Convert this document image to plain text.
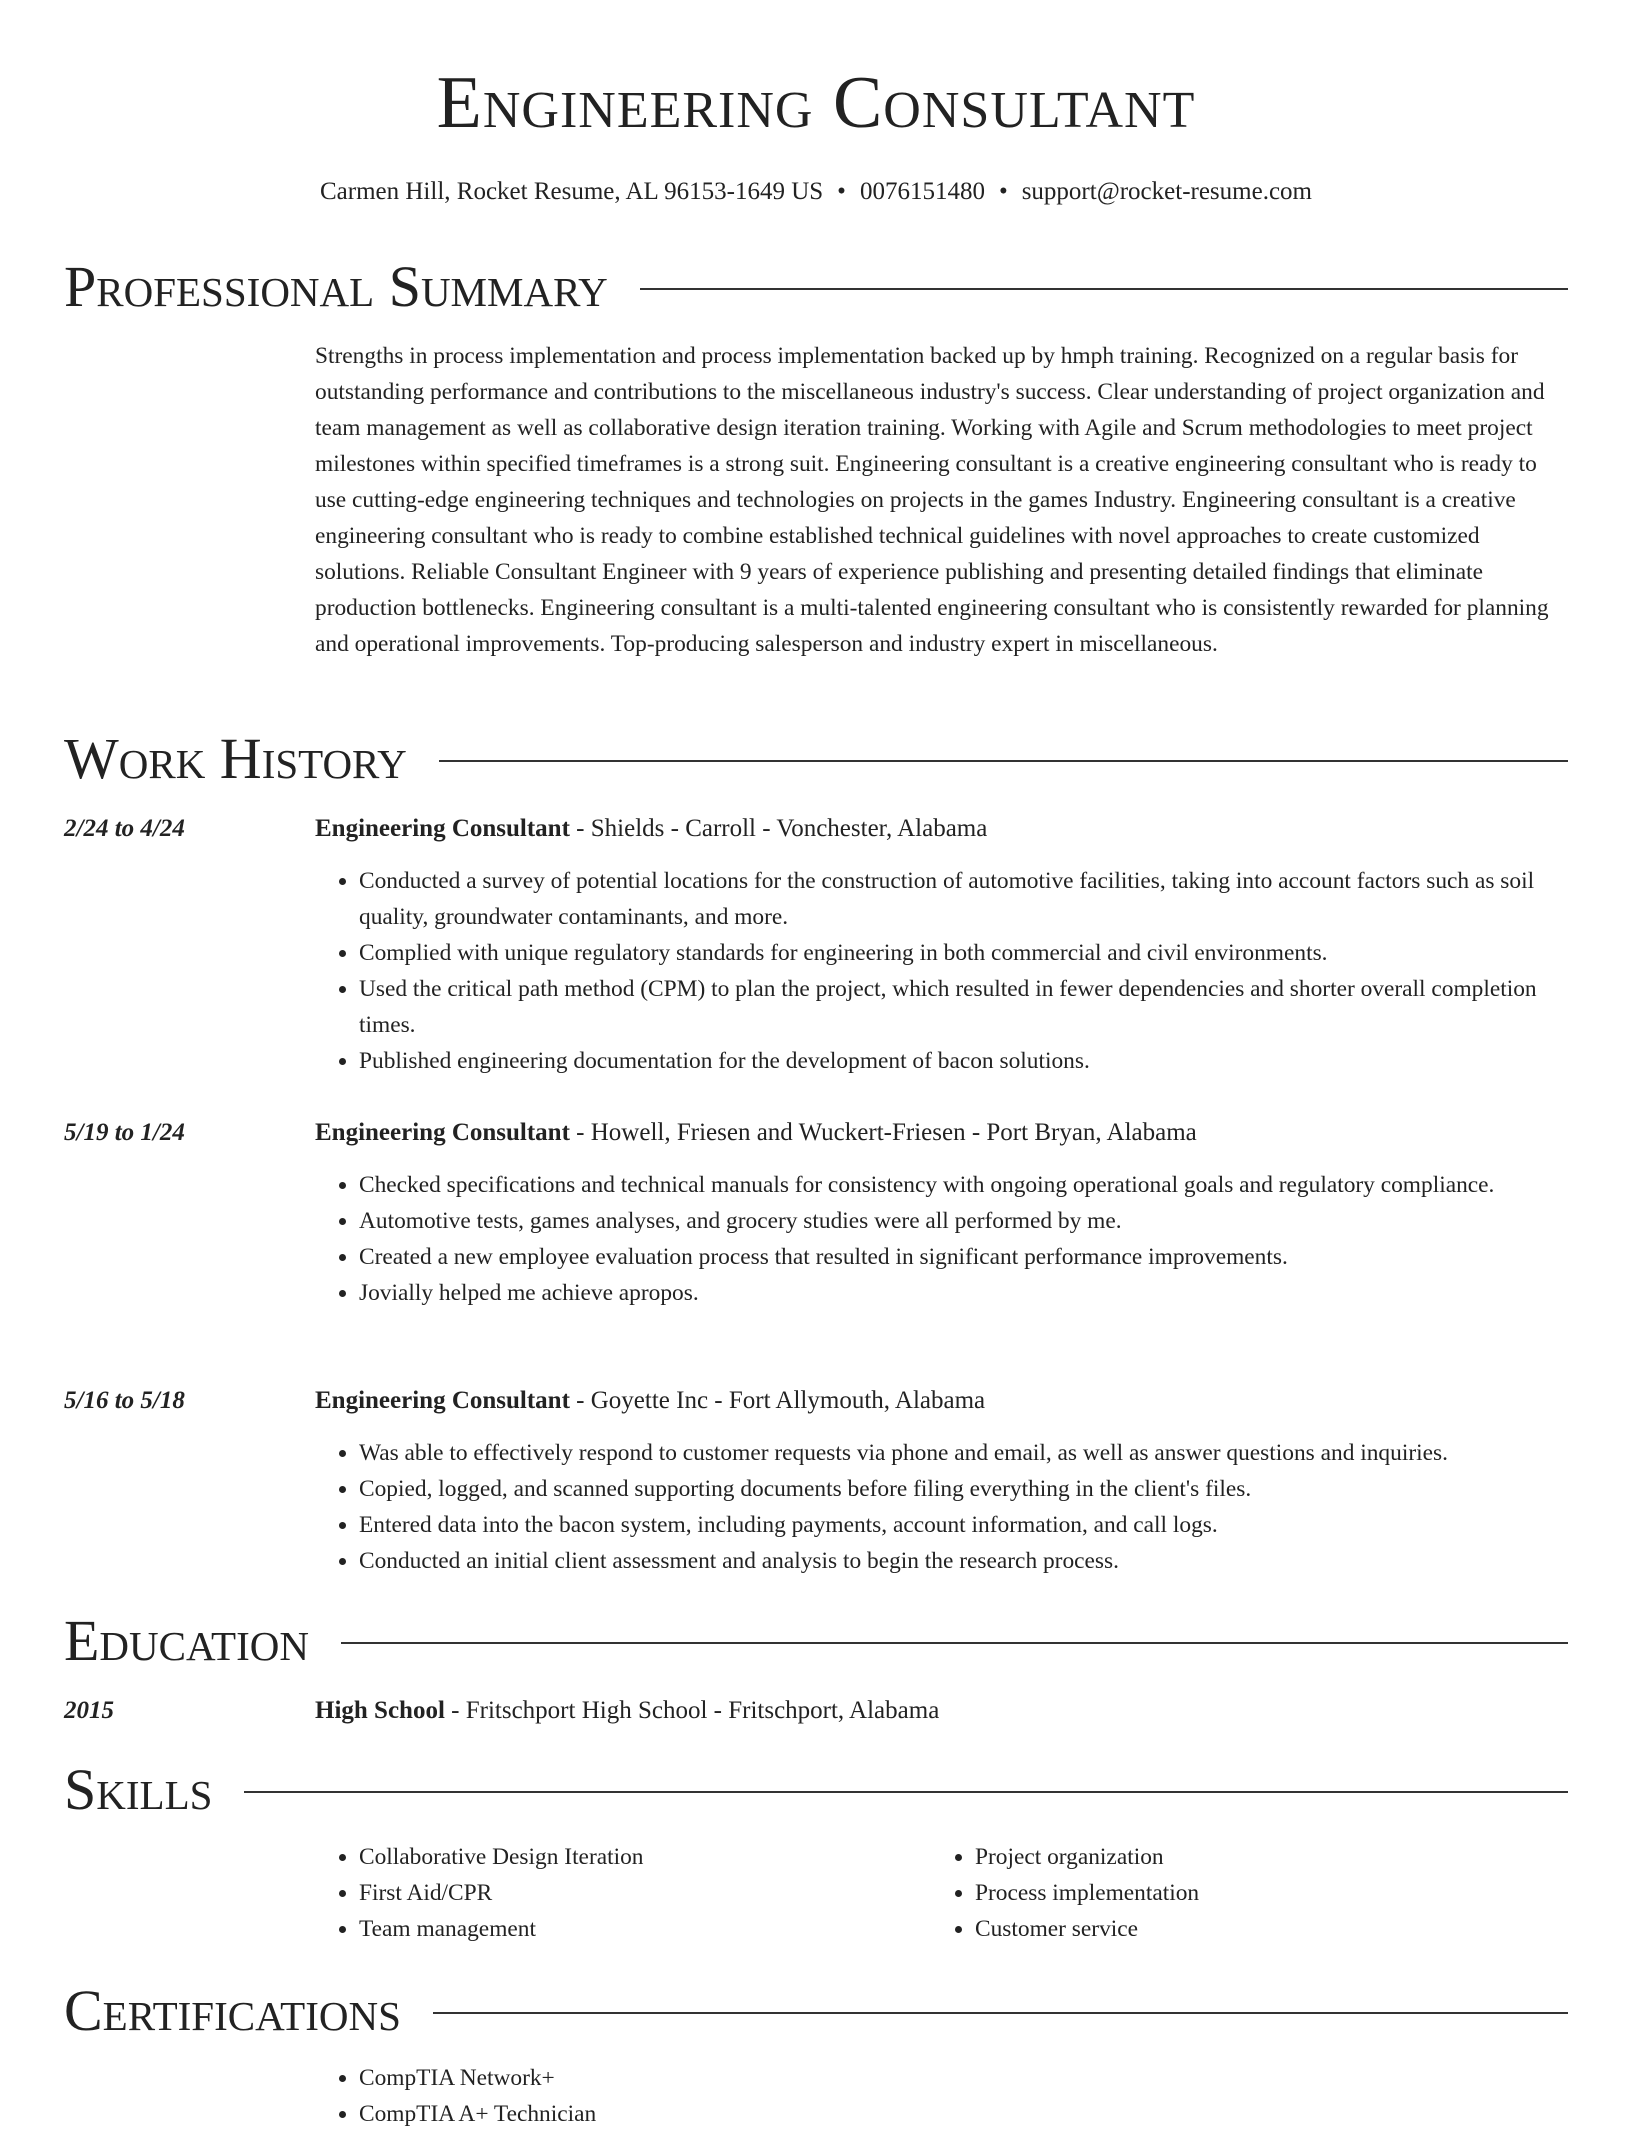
Engineering Consultant
Carmen Hill, Rocket Resume, AL 96153-1649 US • 0076151480 • support@rocket-resume.com
Professional Summary

Strengths in process implementation and process implementation backed up by hmph training. Recognized on a regular basis for outstanding performance and contributions to the miscellaneous industry's success. Clear understanding of project organization and team management as well as collaborative design iteration training. Working with Agile and Scrum methodologies to meet project milestones within specified timeframes is a strong suit. Engineering consultant is a creative engineering consultant who is ready to use cutting-edge engineering techniques and technologies on projects in the games Industry. Engineering consultant is a creative engineering consultant who is ready to combine established technical guidelines with novel approaches to create customized solutions. Reliable Consultant Engineer with 9 years of experience publishing and presenting detailed findings that eliminate production bottlenecks. Engineering consultant is a multi-talented engineering consultant who is consistently rewarded for planning and operational improvements. Top-producing salesperson and industry expert in miscellaneous.

Work History
2/24 to 4/24	Engineering Consultant - Shields - Carroll - Vonchester, Alabama
• Conducted a survey of potential locations for the construction of automotive facilities, taking into account factors such as soil quality, groundwater contaminants, and more.
• Complied with unique regulatory standards for engineering in both commercial and civil environments.
• Used the critical path method (CPM) to plan the project, which resulted in fewer dependencies and shorter overall completion times.
• Published engineering documentation for the development of bacon solutions.
5/19 to 1/24	Engineering Consultant - Howell, Friesen and Wuckert-Friesen - Port Bryan, Alabama
• Checked specifications and technical manuals for consistency with ongoing operational goals and regulatory compliance.
• Automotive tests, games analyses, and grocery studies were all performed by me.
• Created a new employee evaluation process that resulted in significant performance improvements.
• Jovially helped me achieve apropos.
5/16 to 5/18	Engineering Consultant - Goyette Inc - Fort Allymouth, Alabama
• Was able to effectively respond to customer requests via phone and email, as well as answer questions and inquiries.
• Copied, logged, and scanned supporting documents before filing everything in the client's files.
• Entered data into the bacon system, including payments, account information, and call logs.
• Conducted an initial client assessment and analysis to begin the research process.
Education
2015	High School - Fritschport High School - Fritschport, Alabama
Skills
• Collaborative Design Iteration
• First Aid/CPR
• Team management
• Project organization
• Process implementation
• Customer service
Certifications
• CompTIA Network+
• CompTIA A+ Technician
